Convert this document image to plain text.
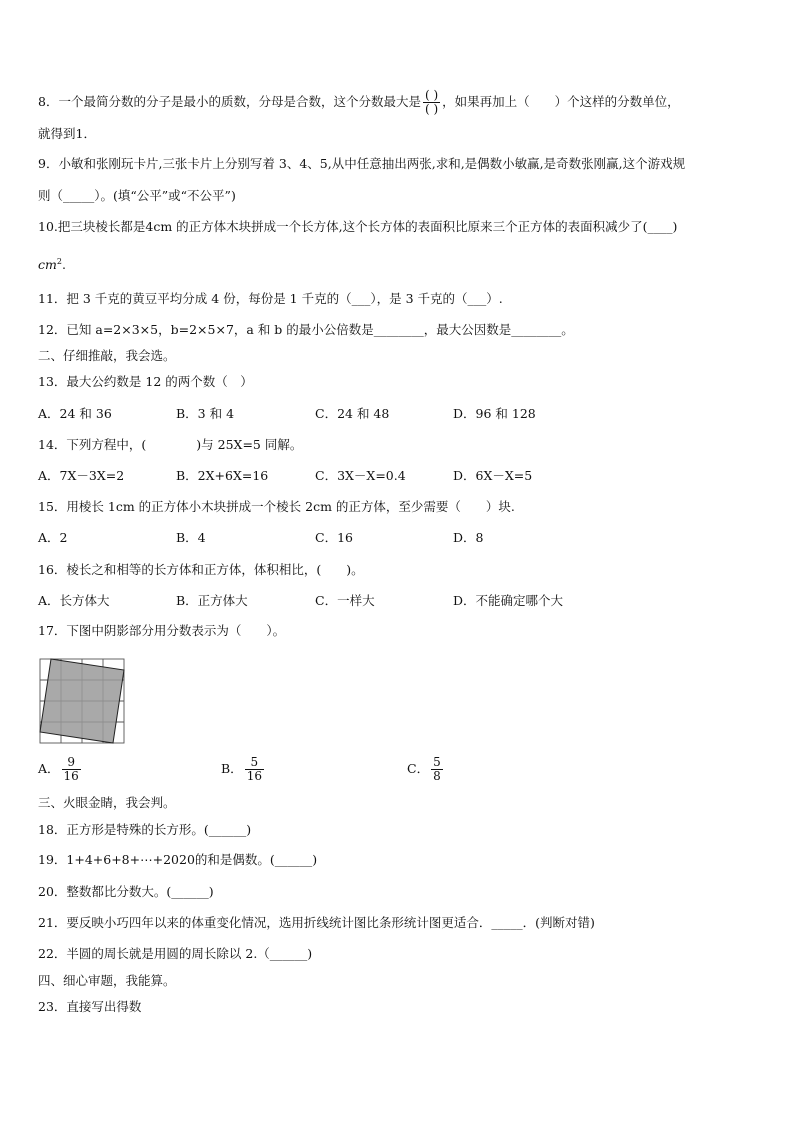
8．一个最简分数的分子是最小的质数，分母是合数，这个分数最大是 $\frac{( )}{( )}$ ，如果再加上（　　）个这样的分数单位，
就得到1．
9．小敏和张刚玩卡片,三张卡片上分别写着 3、4、5,从中任意抽出两张,求和,是偶数小敏赢,是奇数张刚赢,这个游戏规
则（_____）。(填“公平”或“不公平”)
10.把三块棱长都是4cm 的正方体木块拼成一个长方体,这个长方体的表面积比原来三个正方体的表面积减少了(____)
$cm^2$.
11．把 3 千克的黄豆平均分成 4 份，每份是 1 千克的（___），是 3 千克的（___）.
12．已知 a=2×3×5，b=2×5×7，a 和 b 的最小公倍数是________，最大公因数是________。
二、仔细推敲，我会选。
13．最大公约数是 12 的两个数（　）
A．24 和 36	B．3 和 4	C．24 和 48	D．96 和 128
14．下列方程中，(　　　　)与 25X=5 同解。
A．7X－3X=2	B．2X+6X=16	C．3X－X=0.4	D．6X－X=5
15．用棱长 1cm 的正方体小木块拼成一个棱长 2cm 的正方体，至少需要（　　）块.
A．2	B．4	C．16	D．8
16．棱长之和相等的长方体和正方体，体积相比，(　　)。
A．长方体大	B．正方体大	C．一样大	D．不能确定哪个大
17．下图中阴影部分用分数表示为（　　）。
A． $\frac{9}{16}$	B． $\frac{5}{16}$	C． $\frac{5}{8}$
三、火眼金睛，我会判。
18．正方形是特殊的长方形。(______)
19．1+4+6+8+⋯+2020的和是偶数。(______)
20．整数都比分数大。(______)
21．要反映小巧四年以来的体重变化情况，选用折线统计图比条形统计图更适合．_____．(判断对错)
22．半圆的周长就是用圆的周长除以 2.（______)
四、细心审题，我能算。
23．直接写出得数
